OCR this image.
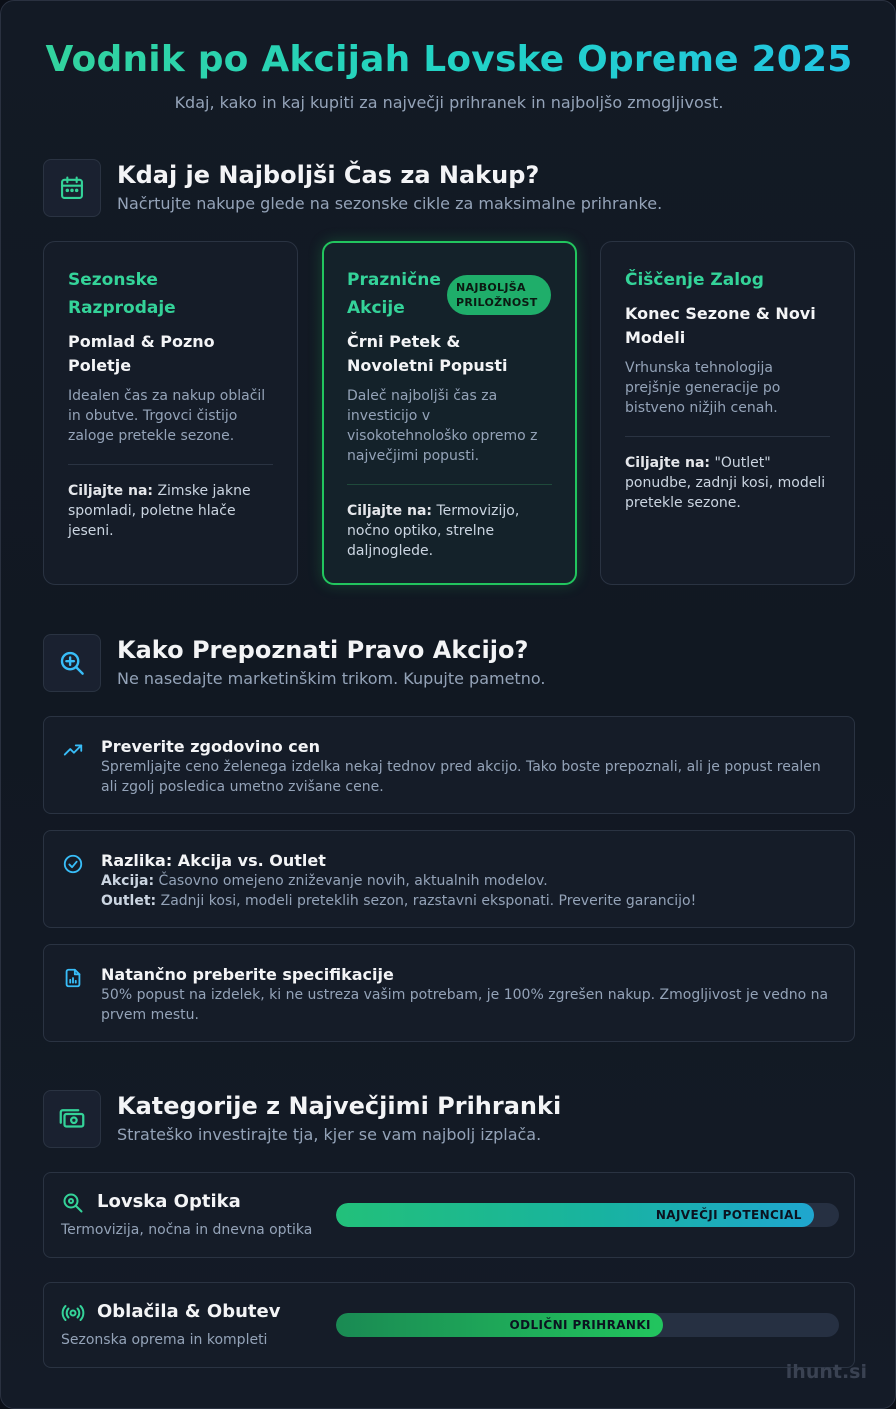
Vodnik po Akcijah Lovske Opreme 2025

Kdaj, kako in kaj kupiti za največji prihranek in najboljšo zmogljivost.

Kdaj je Najboljši Čas za Nakup?

Načrtujte nakupe glede na sezonske cikle za maksimalne prihranke.

Sezonske Razprodaje
Pomlad & Pozno Poletje
Idealen čas za nakup oblačil in obutve. Trgovci čistijo zaloge pretekle sezone.
Ciljajte na: Zimske jakne spomladi, poletne hlače jeseni.
Praznične Akcije
NAJBOLJŠA PRILOŽNOST
Črni Petek & Novoletni Popusti
Daleč najboljši čas za investicijo v visokotehnološko opremo z največjimi popusti.
Ciljajte na: Termovizijo, nočno optiko, strelne daljnoglede.
Čiščenje Zalog
Konec Sezone & Novi Modeli
Vrhunska tehnologija prejšnje generacije po bistveno nižjih cenah.
Ciljajte na: "Outlet" ponudbe, zadnji kosi, modeli pretekle sezone.
Kako Prepoznati Pravo Akcijo?

Ne nasedajte marketinškim trikom. Kupujte pametno.

Preverite zgodovino cen
Spremljajte ceno želenega izdelka nekaj tednov pred akcijo. Tako boste prepoznali, ali je popust realen ali zgolj posledica umetno zvišane cene.
Razlika: Akcija vs. Outlet
Akcija: Časovno omejeno zniževanje novih, aktualnih modelov.
Outlet: Zadnji kosi, modeli preteklih sezon, razstavni eksponati. Preverite garancijo!
Natančno preberite specifikacije
50% popust na izdelek, ki ne ustreza vašim potrebam, je 100% zgrešen nakup. Zmogljivost je vedno na prvem mestu.
Kategorije z Največjimi Prihranki

Strateško investirajte tja, kjer se vam najbolj izplača.

Lovska Optika
Termovizija, nočna in dnevna optika
NAJVEČJI POTENCIAL
Oblačila & Obutev
Sezonska oprema in kompleti
ODLIČNI PRIHRANKI
ihunt.si
